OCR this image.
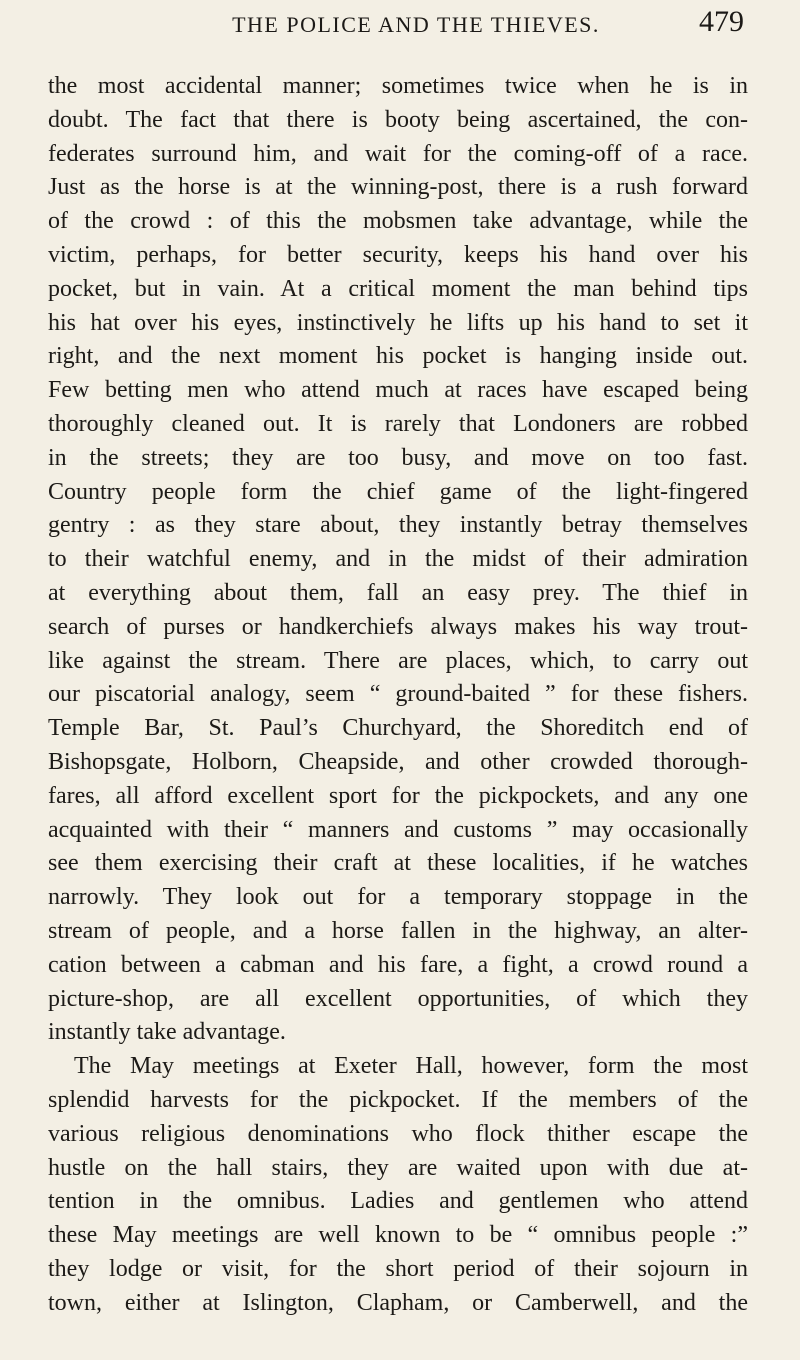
THE POLICE AND THE THIEVES.	479

the most accidental manner; sometimes twice when he is in
doubt. The fact that there is booty being ascertained, the con-
federates surround him, and wait for the coming-off of a race.
Just as the horse is at the winning-post, there is a rush forward
of the crowd : of this the mobsmen take advantage, while the
victim, perhaps, for better security, keeps his hand over his
pocket, but in vain. At a critical moment the man behind tips
his hat over his eyes, instinctively he lifts up his hand to set it
right, and the next moment his pocket is hanging inside out.
Few betting men who attend much at races have escaped being
thoroughly cleaned out. It is rarely that Londoners are robbed
in the streets; they are too busy, and move on too fast.
Country people form the chief game of the light-fingered
gentry : as they stare about, they instantly betray themselves
to their watchful enemy, and in the midst of their admiration
at everything about them, fall an easy prey. The thief in
search of purses or handkerchiefs always makes his way trout-
like against the stream. There are places, which, to carry out
our piscatorial analogy, seem “ ground-baited ” for these fishers.
Temple Bar, St. Paul’s Churchyard, the Shoreditch end of
Bishopsgate, Holborn, Cheapside, and other crowded thorough-
fares, all afford excellent sport for the pickpockets, and any one
acquainted with their “ manners and customs ” may occasionally
see them exercising their craft at these localities, if he watches
narrowly. They look out for a temporary stoppage in the
stream of people, and a horse fallen in the highway, an alter-
cation between a cabman and his fare, a fight, a crowd round a
picture-shop, are all excellent opportunities, of which they
instantly take advantage.

The May meetings at Exeter Hall, however, form the most
splendid harvests for the pickpocket. If the members of the
various religious denominations who flock thither escape the
hustle on the hall stairs, they are waited upon with due at-
tention in the omnibus. Ladies and gentlemen who attend
these May meetings are well known to be “ omnibus people :”
they lodge or visit, for the short period of their sojourn in
town, either at Islington, Clapham, or Camberwell, and the
